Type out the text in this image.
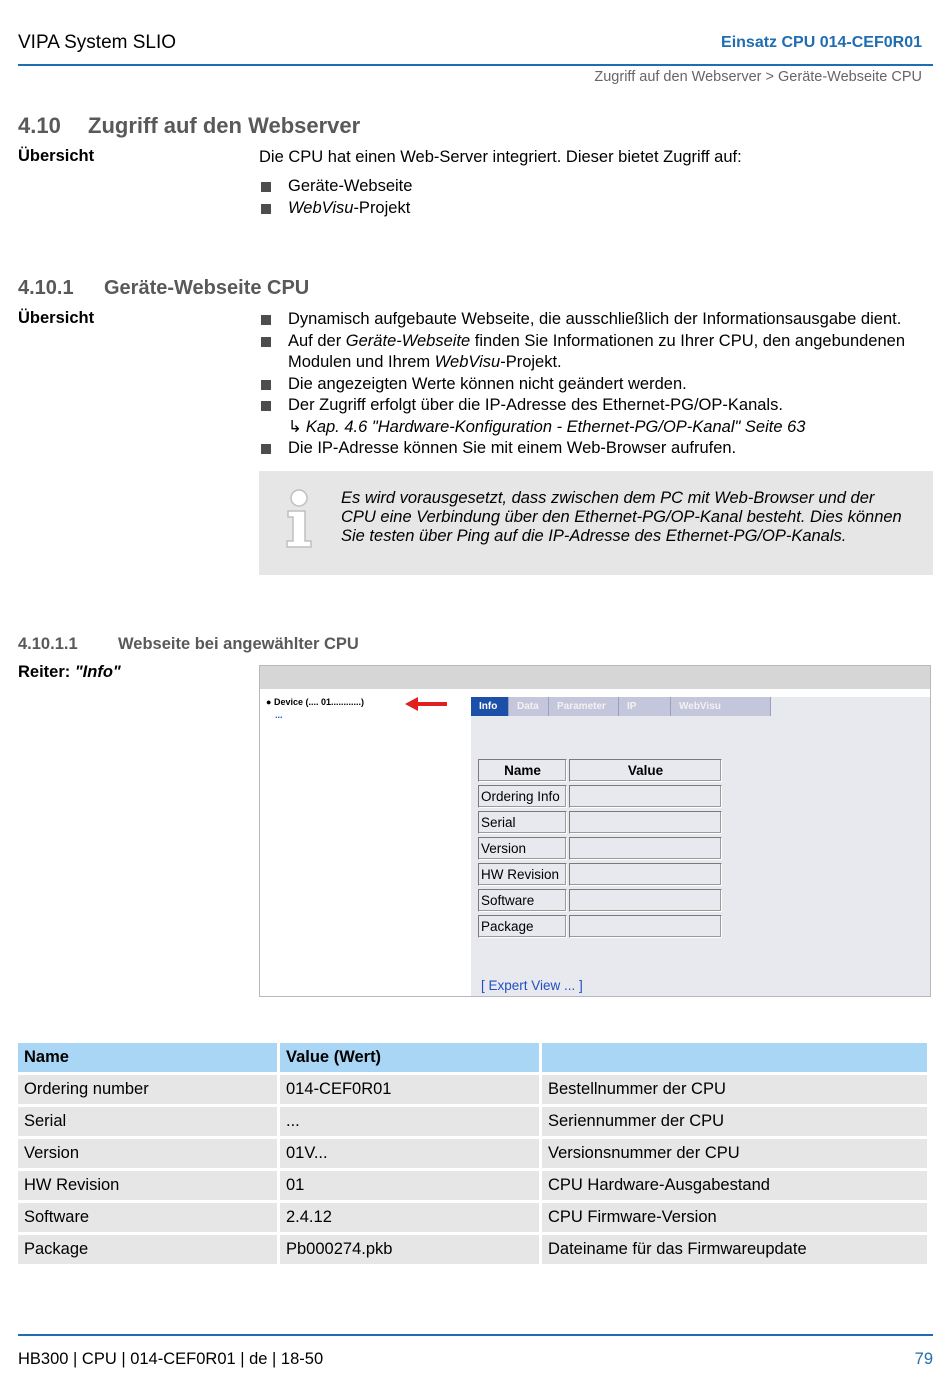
VIPA System SLIO	Einsatz CPU 014-CEF0R01
Zugriff auf den Webserver > Geräte-Webseite CPU
4.10 Zugriff auf den Webserver
Übersicht	Die CPU hat einen Web-Server integriert. Dieser bietet Zugriff auf:
Geräte-Webseite
WebVisu-Projekt
4.10.1 Geräte-Webseite CPU
Übersicht	Dynamisch aufgebaute Webseite, die ausschließlich der Informationsausgabe dient.
Auf der Geräte-Webseite finden Sie Informationen zu Ihrer CPU, den angebundenen Modulen und Ihrem WebVisu-Projekt.
Die angezeigten Werte können nicht geändert werden.
Der Zugriff erfolgt über die IP-Adresse des Ethernet-PG/OP-Kanals.
↳ Kap. 4.6 "Hardware-Konfiguration - Ethernet-PG/OP-Kanal" Seite 63
Die IP-Adresse können Sie mit einem Web-Browser aufrufen.
Es wird vorausgesetzt, dass zwischen dem PC mit Web-Browser und der CPU eine Verbindung über den Ethernet-PG/OP-Kanal besteht. Dies können Sie testen über Ping auf die IP-Adresse des Ethernet-PG/OP-Kanals.
4.10.1.1 Webseite bei angewählter CPU
Reiter: "Info"
● Device (.... 01............)
...
Info	Data	Parameter	IP	WebVisu
Name	Value
Ordering Info
Serial
Version
HW Revision
Software
Package
[ Expert View ... ]
Name	Value (Wert)	
Ordering number	014-CEF0R01	Bestellnummer der CPU
Serial	...	Seriennummer der CPU
Version	01V...	Versionsnummer der CPU
HW Revision	01	CPU Hardware-Ausgabestand
Software	2.4.12	CPU Firmware-Version
Package	Pb000274.pkb	Dateiname für das Firmwareupdate
HB300 | CPU | 014-CEF0R01 | de | 18-50	79
